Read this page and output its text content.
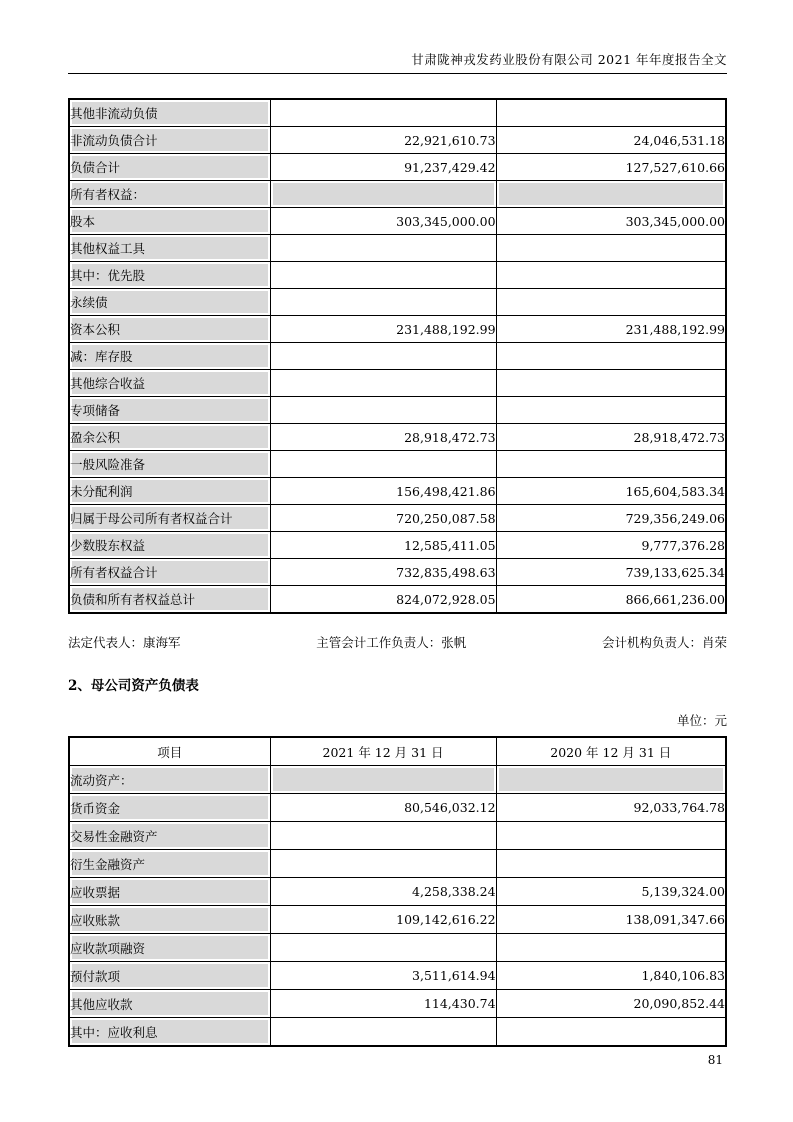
甘肃陇神戎发药业股份有限公司 2021 年年度报告全文
其他非流动负债		
非流动负债合计	22,921,610.73	24,046,531.18
负债合计	91,237,429.42	127,527,610.66
所有者权益：		
股本	303,345,000.00	303,345,000.00
其他权益工具		
其中：优先股		
永续债		
资本公积	231,488,192.99	231,488,192.99
减：库存股		
其他综合收益		
专项储备		
盈余公积	28,918,472.73	28,918,472.73
一般风险准备		
未分配利润	156,498,421.86	165,604,583.34
归属于母公司所有者权益合计	720,250,087.58	729,356,249.06
少数股东权益	12,585,411.05	9,777,376.28
所有者权益合计	732,835,498.63	739,133,625.34
负债和所有者权益总计	824,072,928.05	866,661,236.00
法定代表人：康海军	主管会计工作负责人：张帆	会计机构负责人：肖荣
2、母公司资产负债表
单位：元
项目	2021 年 12 月 31 日	2020 年 12 月 31 日
流动资产：		
货币资金	80,546,032.12	92,033,764.78
交易性金融资产		
衍生金融资产		
应收票据	4,258,338.24	5,139,324.00
应收账款	109,142,616.22	138,091,347.66
应收款项融资		
预付款项	3,511,614.94	1,840,106.83
其他应收款	114,430.74	20,090,852.44
其中：应收利息		
81
